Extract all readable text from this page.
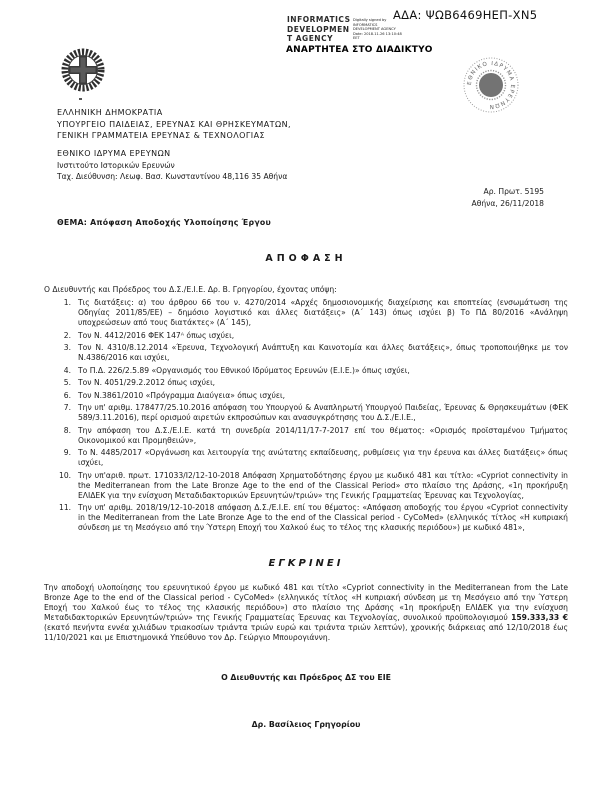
ΑΔΑ: ΨΩΒ6469ΗΕΠ-ΧΝ5
INFORMATICS
DEVELOPMEN
T AGENCY
Digitally signed by
INFORMATICS
DEVELOPMENT AGENCY
Date: 2018.11.26 13:10:48
EET
ΑΝΑΡΤΗΤΕΑ ΣΤΟ ΔΙΑΔΙΚΤΥΟ
ΕΘΝΙΚΟ ΙΔΡΥΜΑ ΕΡΕΥΝΩΝ
ΕΛΛΗΝΙΚΗ ΔΗΜΟΚΡΑΤΙΑ
ΥΠΟΥΡΓΕΙΟ ΠΑΙΔΕΙΑΣ, ΕΡΕΥΝΑΣ ΚΑΙ ΘΡΗΣΚΕΥΜΑΤΩΝ,
ΓΕΝΙΚΗ ΓΡΑΜΜΑΤΕΙΑ ΕΡΕΥΝΑΣ & ΤΕΧΝΟΛΟΓΙΑΣ
ΕΘΝΙΚΟ ΙΔΡΥΜΑ ΕΡΕΥΝΩΝ
Ινστιτούτο Ιστορικών Ερευνών
Ταχ. Διεύθυνση: Λεωφ. Βασ. Κωνσταντίνου 48,116 35 Αθήνα
Αρ. Πρωτ. 5195
Αθήνα, 26/11/2018
ΘΕΜΑ: Απόφαση Αποδοχής Υλοποίησης Έργου
ΑΠΟΦΑΣΗ

Ο Διευθυντής και Πρόεδρος του Δ.Σ./Ε.Ι.Ε. Δρ. Β. Γρηγορίου, έχοντας υπόψη:

Τις διατάξεις: α) του άρθρου 66 του ν. 4270/2014 «Αρχές δημοσιονομικής διαχείρισης και εποπτείας (ενσωμάτωση της Οδηγίας 2011/85/ΕΕ) – δημόσιο λογιστικό και άλλες διατάξεις» (Α΄ 143) όπως ισχύει β) Το ΠΔ 80/2016 «Ανάληψη υποχρεώσεων από τους διατάκτες» (Α΄ 145),
Τον Ν. 4412/2016 ΦΕΚ 147ᴬ όπως ισχύει,
Τον Ν. 4310/8.12.2014 «Έρευνα, Τεχνολογική Ανάπτυξη και Καινοτομία και άλλες διατάξεις», όπως τροποποιήθηκε με τον Ν.4386/2016 και ισχύει,
Το Π.Δ. 226/2.5.89 «Οργανισμός του Εθνικού Ιδρύματος Ερευνών (Ε.Ι.Ε.)» όπως ισχύει,
Τον Ν. 4051/29.2.2012 όπως ισχύει,
Τον Ν.3861/2010 «Πρόγραμμα Διαύγεια» όπως ισχύει,
Την υπ' αριθμ. 178477/25.10.2016 απόφαση του Υπουργού & Αναπληρωτή Υπουργού Παιδείας, Έρευνας & Θρησκευμάτων (ΦΕΚ 589/3.11.2016), περί ορισμού αιρετών εκπροσώπων και ανασυγκρότησης του Δ.Σ./Ε.Ι.Ε.,
Την απόφαση του Δ.Σ./Ε.Ι.Ε. κατά τη συνεδρία 2014/11/17-7-2017 επί του θέματος: «Ορισμός προϊσταμένου Τμήματος Οικονομικού και Προμηθειών»,
Το Ν. 4485/2017 «Οργάνωση και λειτουργία της ανώτατης εκπαίδευσης, ρυθμίσεις για την έρευνα και άλλες διατάξεις» όπως ισχύει,
Την υπ'αριθ. πρωτ. 171033/Ι2/12-10-2018 Απόφαση Χρηματοδότησης έργου με κωδικό 481 και τίτλο: «Cypriot connectivity in the Mediterranean from the Late Bronze Age to the end of the Classical Period» στο πλαίσιο της Δράσης, «1η προκήρυξη ΕΛΙΔΕΚ για την ενίσχυση Μεταδιδακτορικών Ερευνητών/τριών» της Γενικής Γραμματείας Έρευνας και Τεχνολογίας,
Την υπ' αριθμ. 2018/19/12-10-2018 απόφαση Δ.Σ./Ε.Ι.Ε. επί του θέματος: «Απόφαση αποδοχής του έργου «Cypriot connectivity in the Mediterranean from the Late Bronze Age to the end of the Classical period - CyCoMed» (ελληνικός τίτλος «Η κυπριακή σύνδεση με τη Μεσόγειο από την Ύστερη Εποχή του Χαλκού έως το τέλος της κλασικής περιόδου») με κωδικό 481»,
ΕΓΚΡΙΝΕΙ

Την αποδοχή υλοποίησης του ερευνητικού έργου με κωδικό 481 και τίτλο «Cypriot connectivity in the Mediterranean from the Late Bronze Age to the end of the Classical period - CyCoMed» (ελληνικός τίτλος «Η κυπριακή σύνδεση με τη Μεσόγειο από την Ύστερη Εποχή του Χαλκού έως το τέλος της κλασικής περιόδου») στο πλαίσιο της Δράσης «1η προκήρυξη ΕΛΙΔΕΚ για την ενίσχυση Μεταδιδακτορικών Ερευνητών/τριών» της Γενικής Γραμματείας Έρευνας και Τεχνολογίας, συνολικού προϋπολογισμού 159.333,33 € (εκατό πενήντα εννέα χιλιάδων τριακοσίων τριάντα τριών ευρώ και τριάντα τριών λεπτών), χρονικής διάρκειας από 12/10/2018 έως 11/10/2021 και με Επιστημονικά Υπεύθυνο τον Δρ. Γεώργιο Μπουρογιάννη.

Ο Διευθυντής και Πρόεδρος ΔΣ του ΕΙΕ
Δρ. Βασίλειος Γρηγορίου
